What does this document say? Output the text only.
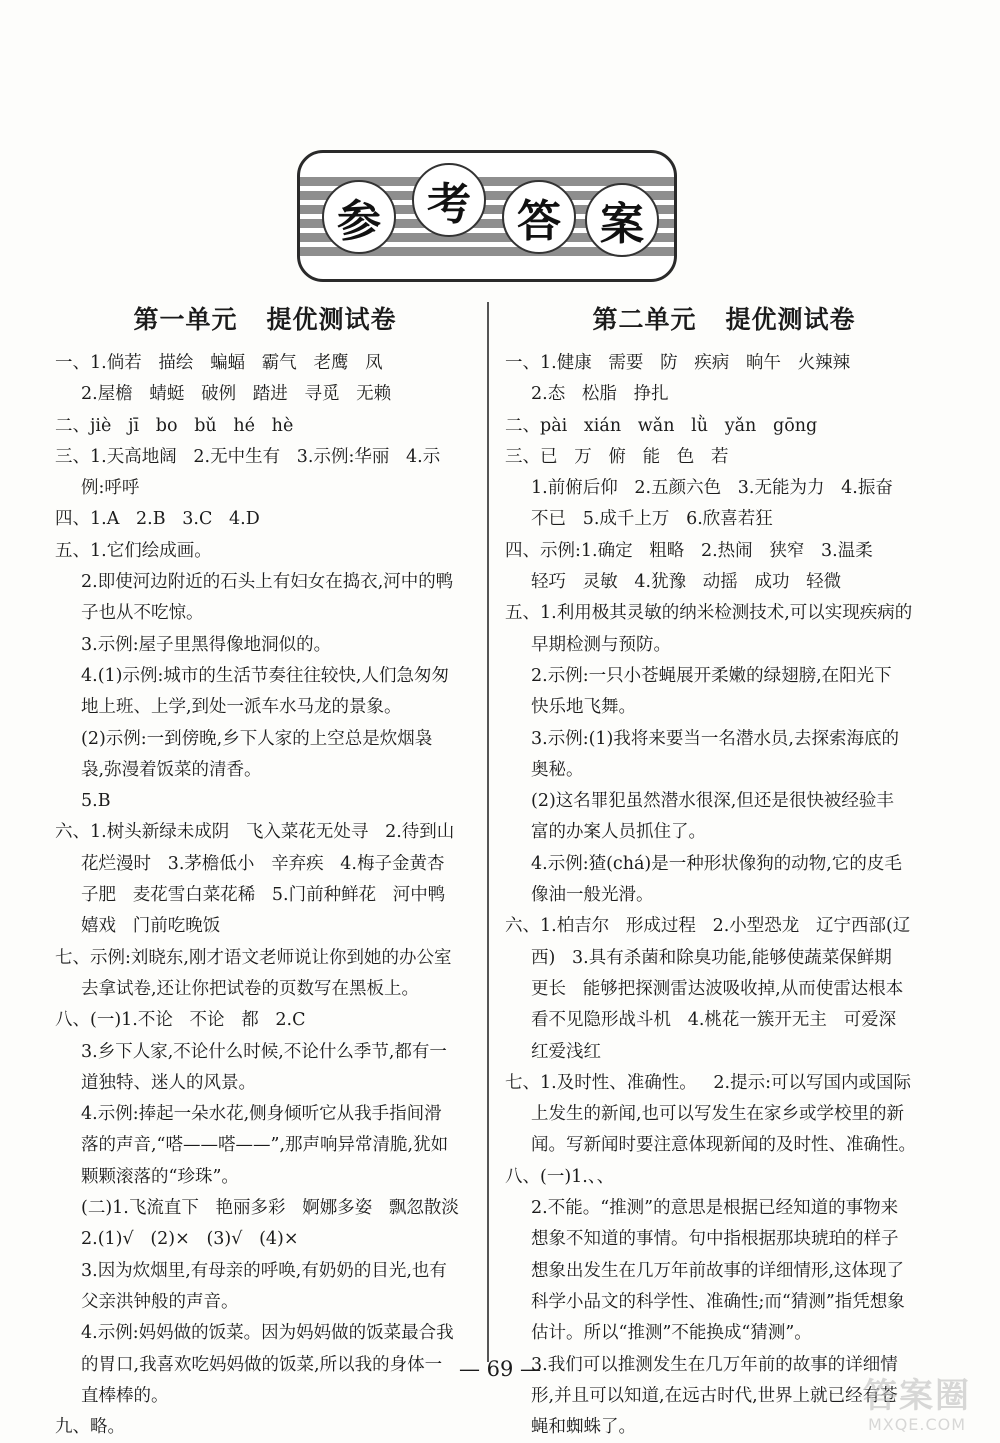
参	考	答 案
第一单元   提优测试卷
一、1.倘若   描绘   蝙蝠   霸气   老鹰   凤
2.屋檐   蜻蜓   破例   踏进   寻觅   无赖
二、jiè   jī   bo   bǔ   hé   hè
三、1.天高地阔   2.无中生有   3.示例:华丽   4.示
例:呼呼
四、1.A   2.B   3.C   4.D
五、1.它们绘成画。
2.即使河边附近的石头上有妇女在捣衣,河中的鸭
子也从不吃惊。
3.示例:屋子里黑得像地洞似的。
4.(1)示例:城市的生活节奏往往较快,人们急匆匆
地上班、上学,到处一派车水马龙的景象。
(2)示例:一到傍晚,乡下人家的上空总是炊烟袅
袅,弥漫着饭菜的清香。
5.B
六、1.树头新绿未成阴   飞入菜花无处寻   2.待到山
花烂漫时   3.茅檐低小   辛弃疾   4.梅子金黄杏
子肥   麦花雪白菜花稀   5.门前种鲜花   河中鸭
嬉戏   门前吃晚饭
七、示例:刘晓东,刚才语文老师说让你到她的办公室
去拿试卷,还让你把试卷的页数写在黑板上。
八、(一)1.不论   不论   都   2.C
3.乡下人家,不论什么时候,不论什么季节,都有一
道独特、迷人的风景。
4.示例:捧起一朵水花,侧身倾听它从我手指间滑
落的声音,“嗒——嗒——”,那声响异常清脆,犹如
颗颗滚落的“珍珠”。
(二)1.飞流直下   艳丽多彩   婀娜多姿   飘忽散淡
2.(1)√   (2)×   (3)√   (4)×
3.因为炊烟里,有母亲的呼唤,有奶奶的目光,也有
父亲洪钟般的声音。
4.示例:妈妈做的饭菜。因为妈妈做的饭菜最合我
的胃口,我喜欢吃妈妈做的饭菜,所以我的身体一
直棒棒的。
九、略。
第二单元   提优测试卷
一、1.健康   需要   防   疾病   晌午   火辣辣
2.态   松脂   挣扎
二、pài   xián   wǎn   lǜ   yǎn   gōng
三、已   万   俯   能   色   若
1.前俯后仰   2.五颜六色   3.无能为力   4.振奋
不已   5.成千上万   6.欣喜若狂
四、示例:1.确定   粗略   2.热闹   狭窄   3.温柔
轻巧   灵敏   4.犹豫   动摇   成功   轻微
五、1.利用极其灵敏的纳米检测技术,可以实现疾病的
早期检测与预防。
2.示例:一只小苍蝇展开柔嫩的绿翅膀,在阳光下
快乐地飞舞。
3.示例:(1)我将来要当一名潜水员,去探索海底的
奥秘。
(2)这名罪犯虽然潜水很深,但还是很快被经验丰
富的办案人员抓住了。
4.示例:猹(chá)是一种形状像狗的动物,它的皮毛
像油一般光滑。
六、1.柏吉尔   形成过程   2.小型恐龙   辽宁西部(辽
西)   3.具有杀菌和除臭功能,能够使蔬菜保鲜期
更长   能够把探测雷达波吸收掉,从而使雷达根本
看不见隐形战斗机   4.桃花一簇开无主   可爱深
红爱浅红
七、1.及时性、准确性。   2.提示:可以写国内或国际
上发生的新闻,也可以写发生在家乡或学校里的新
闻。写新闻时要注意体现新闻的及时性、准确性。
八、(一)1.、、
2.不能。“推测”的意思是根据已经知道的事物来
想象不知道的事情。句中指根据那块琥珀的样子
想象出发生在几万年前故事的详细情形,这体现了
科学小品文的科学性、准确性;而“猜测”指凭想象
估计。所以“推测”不能换成“猜测”。
3.我们可以推测发生在几万年前的故事的详细情
形,并且可以知道,在远古时代,世界上就已经有苍
蝇和蜘蛛了。
— 69 —
答案圈
MXQE.COM
